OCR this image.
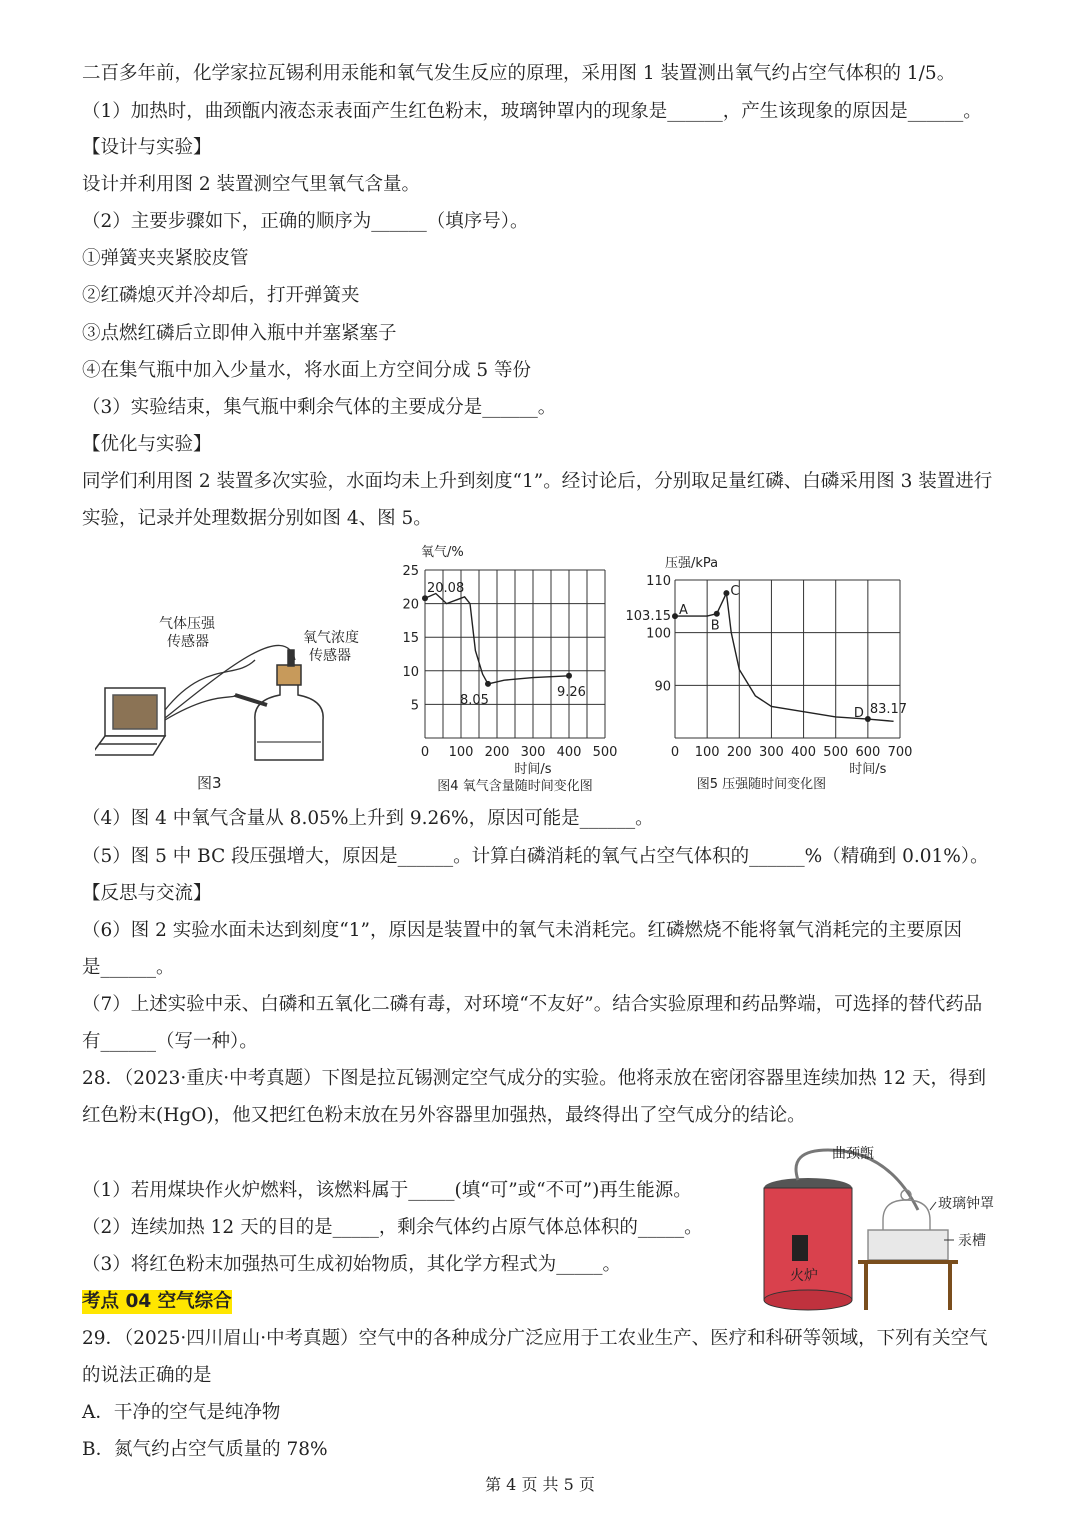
二百多年前，化学家拉瓦锡利用汞能和氧气发生反应的原理，采用图 1 装置测出氧气约占空气体积的 1/5。
（1）加热时，曲颈甑内液态汞表面产生红色粉末，玻璃钟罩内的现象是______，产生该现象的原因是______。
【设计与实验】
设计并利用图 2 装置测空气里氧气含量。
（2）主要步骤如下，正确的顺序为______（填序号）。
①弹簧夹夹紧胶皮管
②红磷熄灭并冷却后，打开弹簧夹
③点燃红磷后立即伸入瓶中并塞紧塞子
④在集气瓶中加入少量水，将水面上方空间分成 5 等份
（3）实验结束，集气瓶中剩余气体的主要成分是______。
【优化与实验】
同学们利用图 2 装置多次实验，水面均未上升到刻度“1”。经讨论后，分别取足量红磷、白磷采用图 3 装置进行
实验，记录并处理数据分别如图 4、图 5。
（4）图 4 中氧气含量从 8.05%上升到 9.26%，原因可能是______。
（5）图 5 中 BC 段压强增大，原因是______。计算白磷消耗的氧气占空气体积的______%（精确到 0.01%）。
【反思与交流】
（6）图 2 实验水面未达到刻度“1”，原因是装置中的氧气未消耗完。红磷燃烧不能将氧气消耗完的主要原因
是______。
（7）上述实验中汞、白磷和五氧化二磷有毒，对环境“不友好”。结合实验原理和药品弊端，可选择的替代药品
有______（写一种）。
28．（2023·重庆·中考真题）下图是拉瓦锡测定空气成分的实验。他将汞放在密闭容器里连续加热 12 天，得到
红色粉末(HgO)，他又把红色粉末放在另外容器里加强热，最终得出了空气成分的结论。
（1）若用煤块作火炉燃料，该燃料属于_____(填“可”或“不可”)再生能源。
（2）连续加热 12 天的目的是_____，剩余气体约占原气体总体积的_____。
（3）将红色粉末加强热可生成初始物质，其化学方程式为_____。
考点 04 空气综合
29．（2025·四川眉山·中考真题）空气中的各种成分广泛应用于工农业生产、医疗和科研等领域，下列有关空气
的说法正确的是
A．干净的空气是纯净物
B．氮气约占空气质量的 78%
气体压强
传感器	氧气浓度
传感器
图3
0 100 200 300 400 500
5
10
15
20
25
氧气/%
时间/s
图4 氧气含量随时间变化图
20.08
8.05
9.26
0 100 200 300 400 500 600 700
90
100
110
压强/kPa
时间/s
图5 压强随时间变化图
A
B
C
D
103.15
83.17
火炉
曲颈甑
玻璃钟罩
汞槽
第 4 页 共 5 页
